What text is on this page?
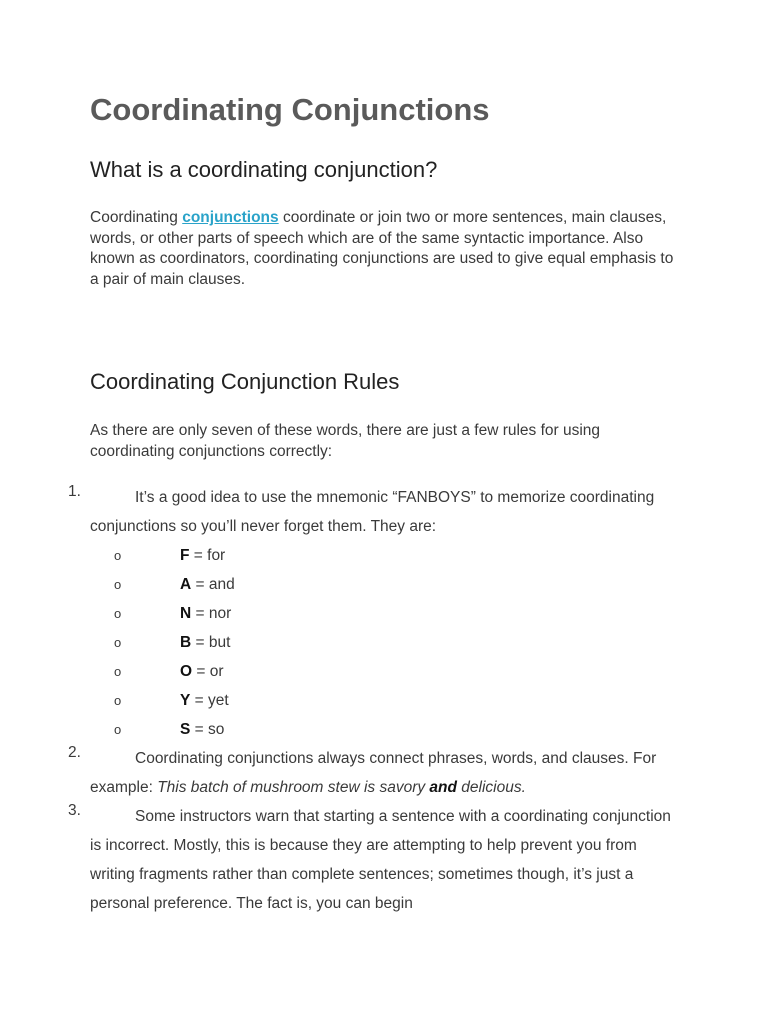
Coordinating Conjunctions
What is a coordinating conjunction?

Coordinating conjunctions coordinate or join two or more sentences, main clauses, words, or other parts of speech which are of the same syntactic importance. Also known as coordinators, coordinating conjunctions are used to give equal emphasis to a pair of main clauses.

Coordinating Conjunction Rules

As there are only seven of these words, there are just a few rules for using coordinating conjunctions correctly:

1.	It’s a good idea to use the mnemonic “FANBOYS” to memorize coordinating conjunctions so you’ll never forget them. They are:
o	F = for
o	A = and
o	N = nor
o	B = but
o	O = or
o	Y = yet
o	S = so
2.	Coordinating conjunctions always connect phrases, words, and clauses. For example: This batch of mushroom stew is savory and delicious.
3.	Some instructors warn that starting a sentence with a coordinating conjunction is incorrect. Mostly, this is because they are attempting to help prevent you from writing fragments rather than complete sentences; sometimes though, it’s just a personal preference. The fact is, you can begin
